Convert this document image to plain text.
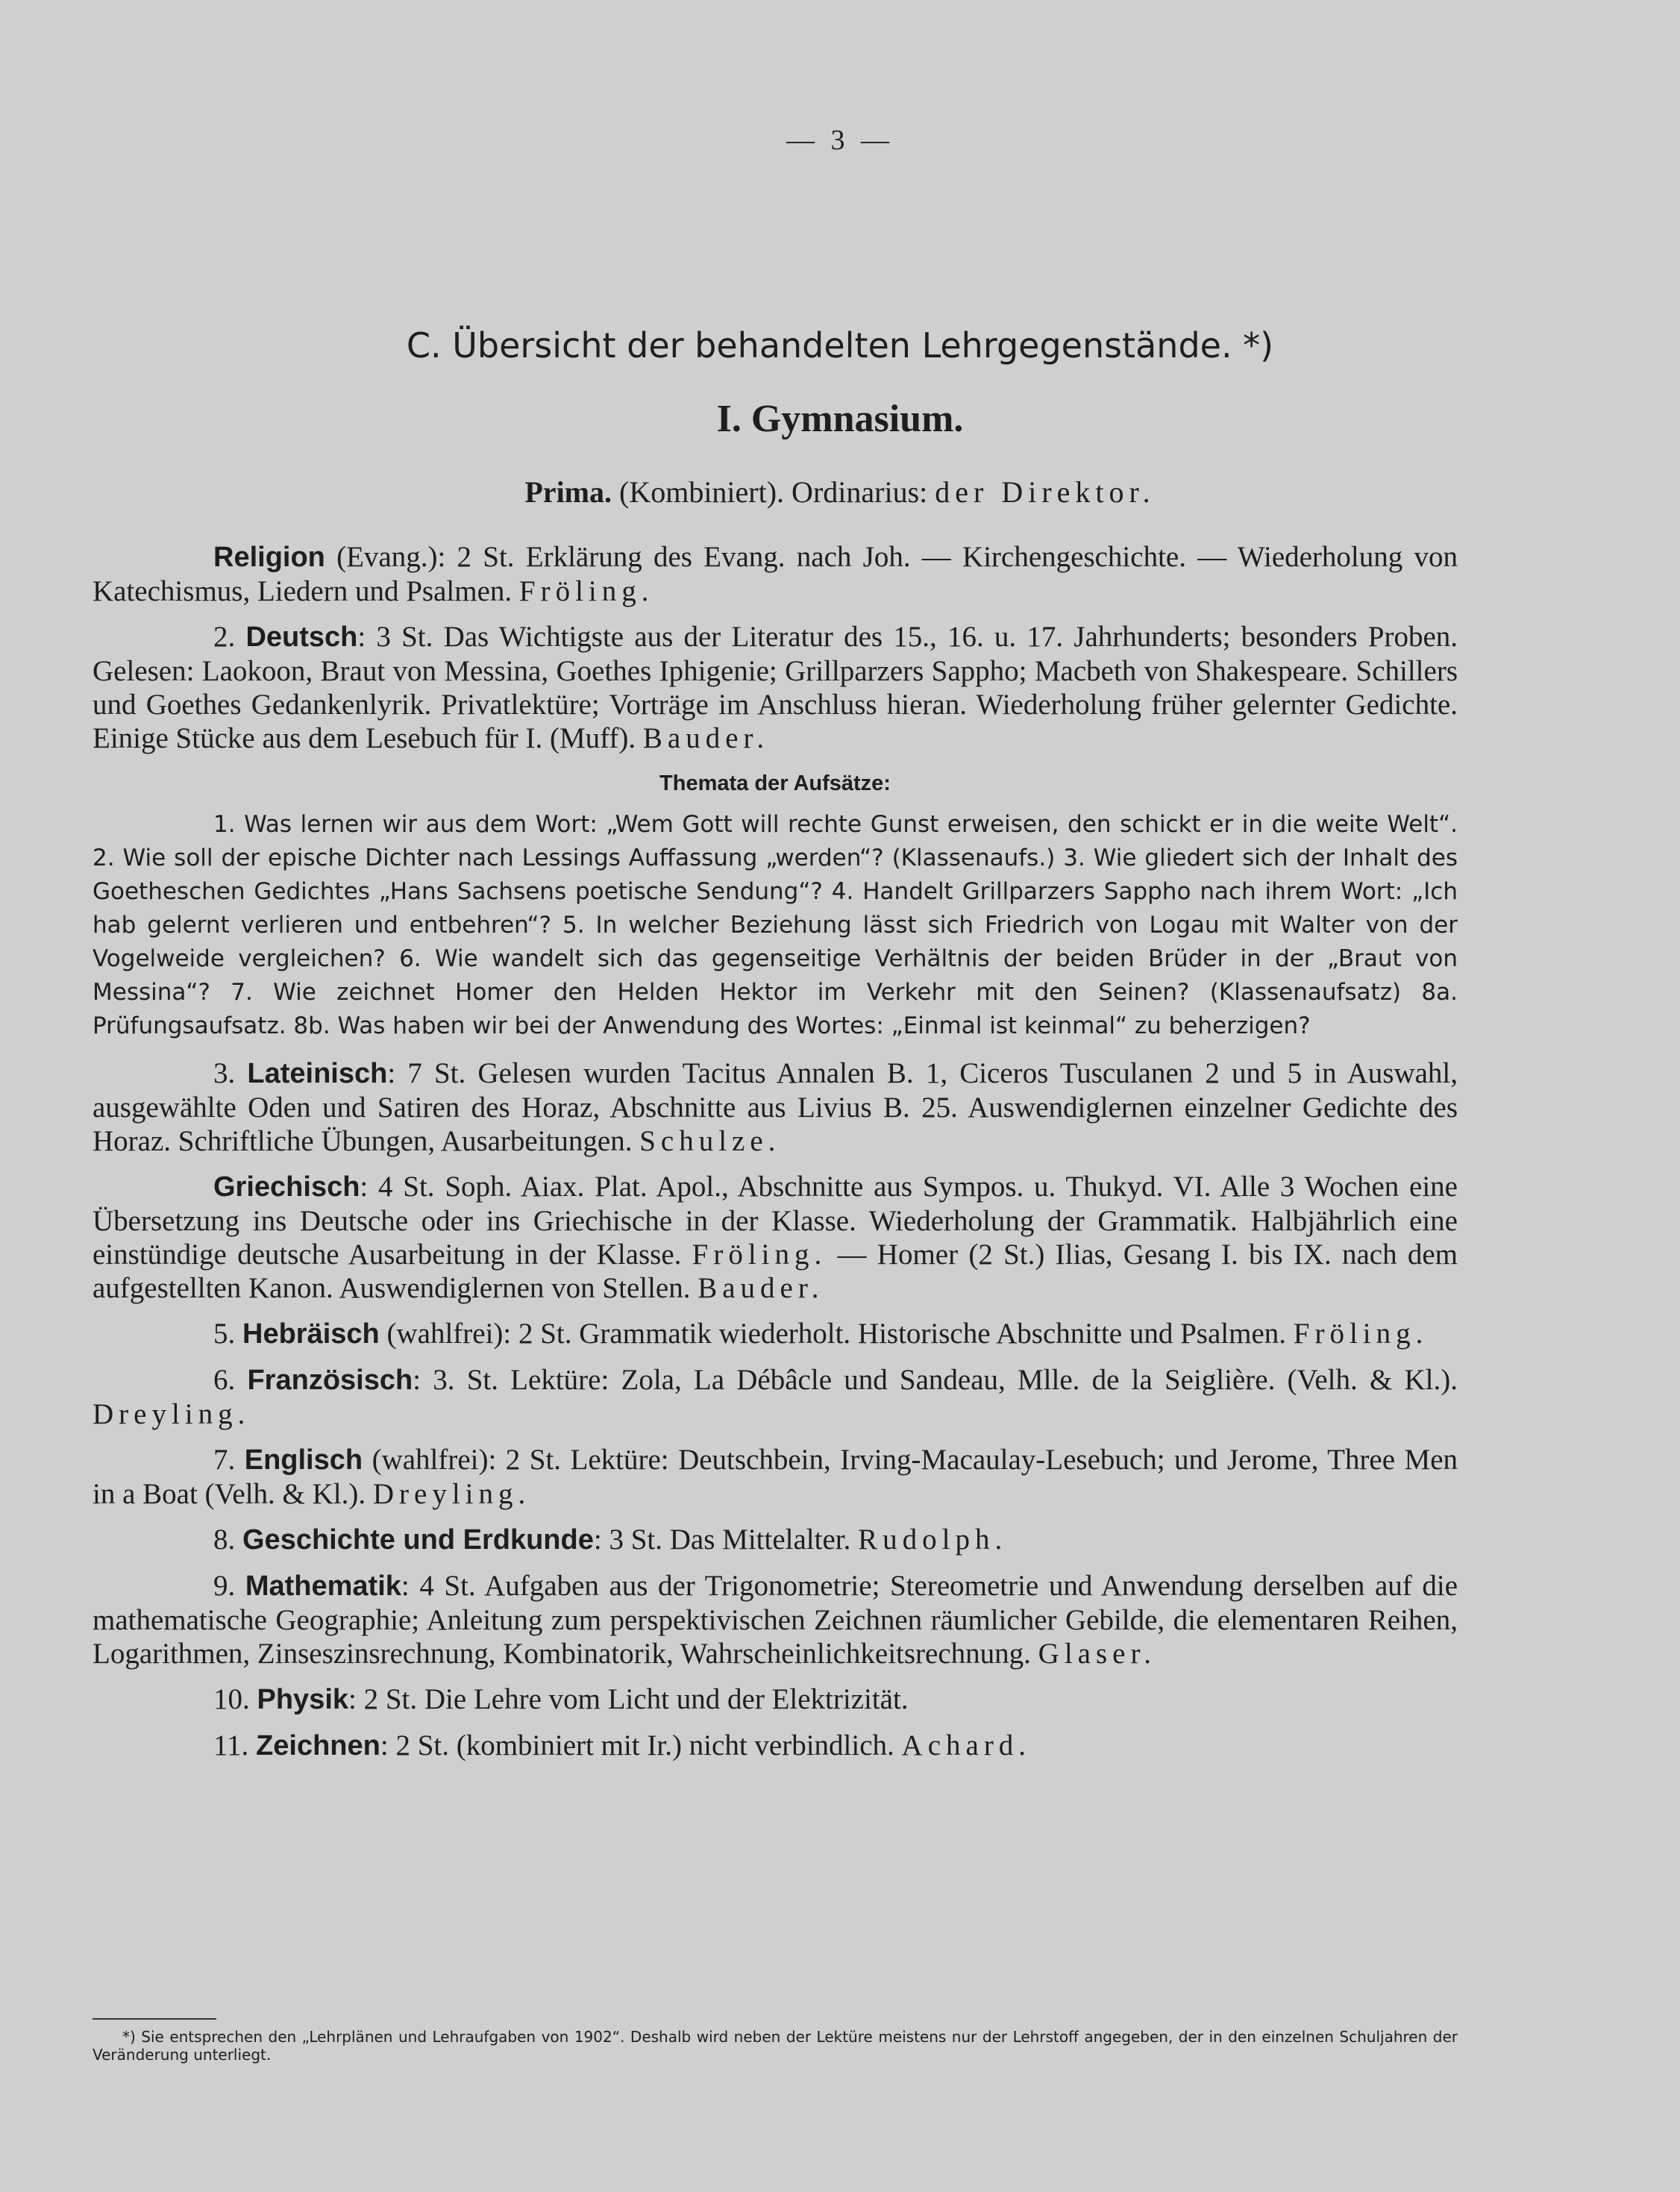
— 3 —
C. Übersicht der behandelten Lehrgegenstände. *)
I. Gymnasium.
Prima. (Kombiniert). Ordinarius: der Direktor.

Religion (Evang.): 2 St. Erklärung des Evang. nach Joh. — Kirchengeschichte. — Wiederholung von Katechismus, Liedern und Psalmen. Fröling.

2. Deutsch: 3 St. Das Wichtigste aus der Literatur des 15., 16. u. 17. Jahrhunderts; besonders Proben. Gelesen: Laokoon, Braut von Messina, Goethes Iphigenie; Grillparzers Sappho; Macbeth von Shakespeare. Schillers und Goethes Gedankenlyrik. Privatlektüre; Vorträge im Anschluss hieran. Wiederholung früher gelernter Gedichte. Einige Stücke aus dem Lesebuch für I. (Muff). Bauder.

Themata der Aufsätze:

1. Was lernen wir aus dem Wort: „Wem Gott will rechte Gunst erweisen, den schickt er in die weite Welt“. 2. Wie soll der epische Dichter nach Lessings Auffassung „werden“? (Klassenaufs.) 3. Wie gliedert sich der Inhalt des Goetheschen Gedichtes „Hans Sachsens poetische Sendung“? 4. Handelt Grillparzers Sappho nach ihrem Wort: „Ich hab gelernt verlieren und entbehren“? 5. In welcher Beziehung lässt sich Friedrich von Logau mit Walter von der Vogelweide vergleichen? 6. Wie wandelt sich das gegenseitige Verhältnis der beiden Brüder in der „Braut von Messina“? 7. Wie zeichnet Homer den Helden Hektor im Verkehr mit den Seinen? (Klassenaufsatz) 8a. Prüfungsaufsatz. 8b. Was haben wir bei der Anwendung des Wortes: „Einmal ist keinmal“ zu beherzigen?

3. Lateinisch: 7 St. Gelesen wurden Tacitus Annalen B. 1, Ciceros Tusculanen 2 und 5 in Auswahl, ausgewählte Oden und Satiren des Horaz, Abschnitte aus Livius B. 25. Auswendiglernen einzelner Gedichte des Horaz. Schriftliche Übungen, Ausarbeitungen. Schulze.

Griechisch: 4 St. Soph. Aiax. Plat. Apol., Abschnitte aus Sympos. u. Thukyd. VI. Alle 3 Wochen eine Übersetzung ins Deutsche oder ins Griechische in der Klasse. Wiederholung der Grammatik. Halbjährlich eine einstündige deutsche Ausarbeitung in der Klasse. Fröling. — Homer (2 St.) Ilias, Gesang I. bis IX. nach dem aufgestellten Kanon. Auswendiglernen von Stellen. Bauder.

5. Hebräisch (wahlfrei): 2 St. Grammatik wiederholt. Historische Abschnitte und Psalmen. Fröling.

6. Französisch: 3. St. Lektüre: Zola, La Débâcle und Sandeau, Mlle. de la Seiglière. (Velh. & Kl.). Dreyling.

7. Englisch (wahlfrei): 2 St. Lektüre: Deutschbein, Irving-Macaulay-Lesebuch; und Jerome, Three Men in a Boat (Velh. & Kl.). Dreyling.

8. Geschichte und Erdkunde: 3 St. Das Mittelalter. Rudolph.

9. Mathematik: 4 St. Aufgaben aus der Trigonometrie; Stereometrie und Anwendung derselben auf die mathematische Geographie; Anleitung zum perspektivischen Zeichnen räumlicher Gebilde, die elementaren Reihen, Logarithmen, Zinseszinsrechnung, Kombinatorik, Wahrscheinlichkeitsrechnung. Glaser.

10. Physik: 2 St. Die Lehre vom Licht und der Elektrizität.

11. Zeichnen: 2 St. (kombiniert mit Ir.) nicht verbindlich. Achard.

*) Sie entsprechen den „Lehrplänen und Lehraufgaben von 1902“. Deshalb wird neben der Lektüre meistens nur der Lehrstoff angegeben, der in den einzelnen Schuljahren der Veränderung unterliegt.
